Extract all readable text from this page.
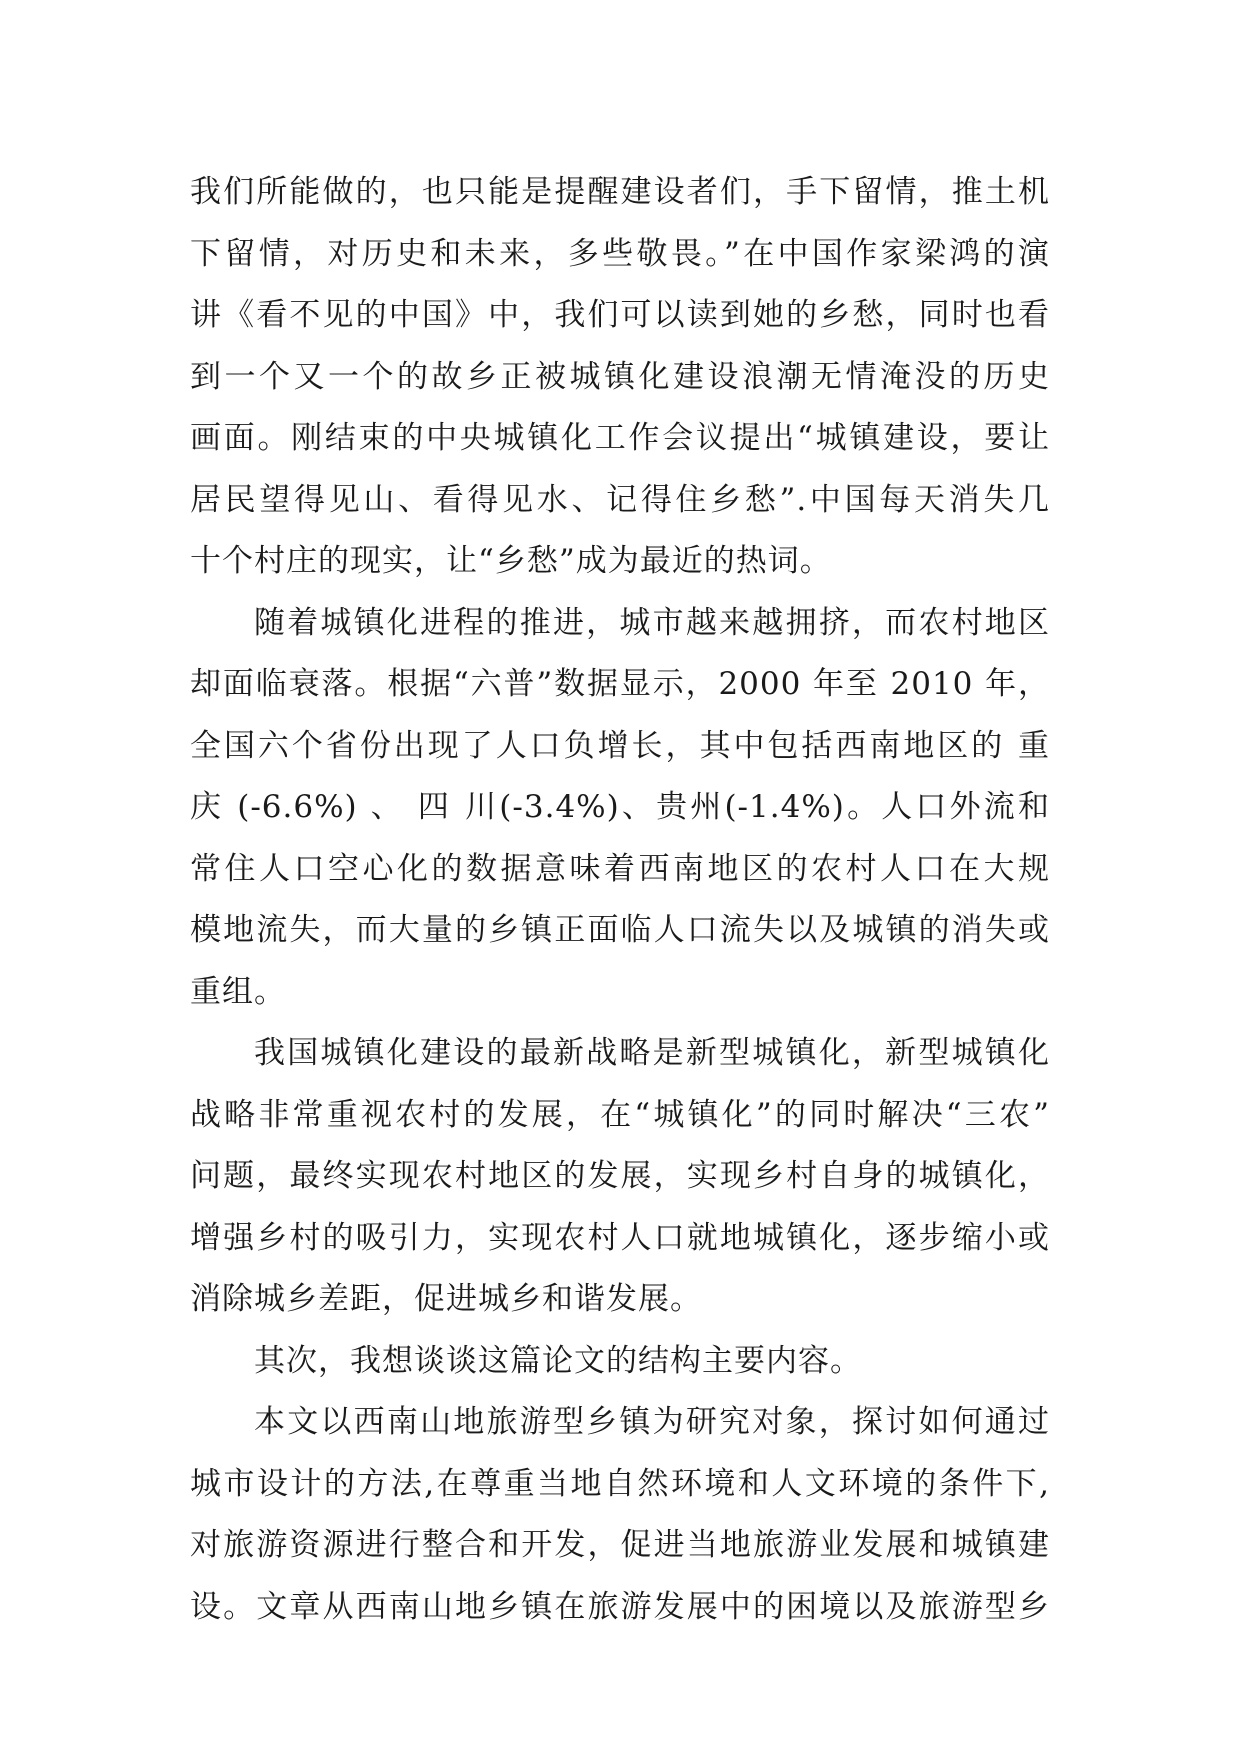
我们所能做的，也只能是提醒建设者们，手下留情，推土机
下留情，对历史和未来，多些敬畏。”在中国作家梁鸿的演
讲《看不见的中国》中，我们可以读到她的乡愁，同时也看
到一个又一个的故乡正被城镇化建设浪潮无情淹没的历史
画面。刚结束的中央城镇化工作会议提出“城镇建设，要让
居民望得见山、看得见水、记得住乡愁”.中国每天消失几
十个村庄的现实，让“乡愁”成为最近的热词。
随着城镇化进程的推进，城市越来越拥挤，而农村地区
却面临衰落。根据“六普”数据显示，2000 年至 2010 年，
全国六个省份出现了人口负增长，其中包括西南地区的 重
庆 (-6.6%) 、 四 川(-3.4%)、贵州(-1.4%)。人口外流和
常住人口空心化的数据意味着西南地区的农村人口在大规
模地流失，而大量的乡镇正面临人口流失以及城镇的消失或
重组。
我国城镇化建设的最新战略是新型城镇化，新型城镇化
战略非常重视农村的发展，在“城镇化”的同时解决“三农”
问题，最终实现农村地区的发展，实现乡村自身的城镇化，
增强乡村的吸引力，实现农村人口就地城镇化，逐步缩小或
消除城乡差距，促进城乡和谐发展。
其次，我想谈谈这篇论文的结构主要内容。
本文以西南山地旅游型乡镇为研究对象，探讨如何通过
城市设计的方法,在尊重当地自然环境和人文环境的条件下,
对旅游资源进行整合和开发，促进当地旅游业发展和城镇建
设。文章从西南山地乡镇在旅游发展中的困境以及旅游型乡
